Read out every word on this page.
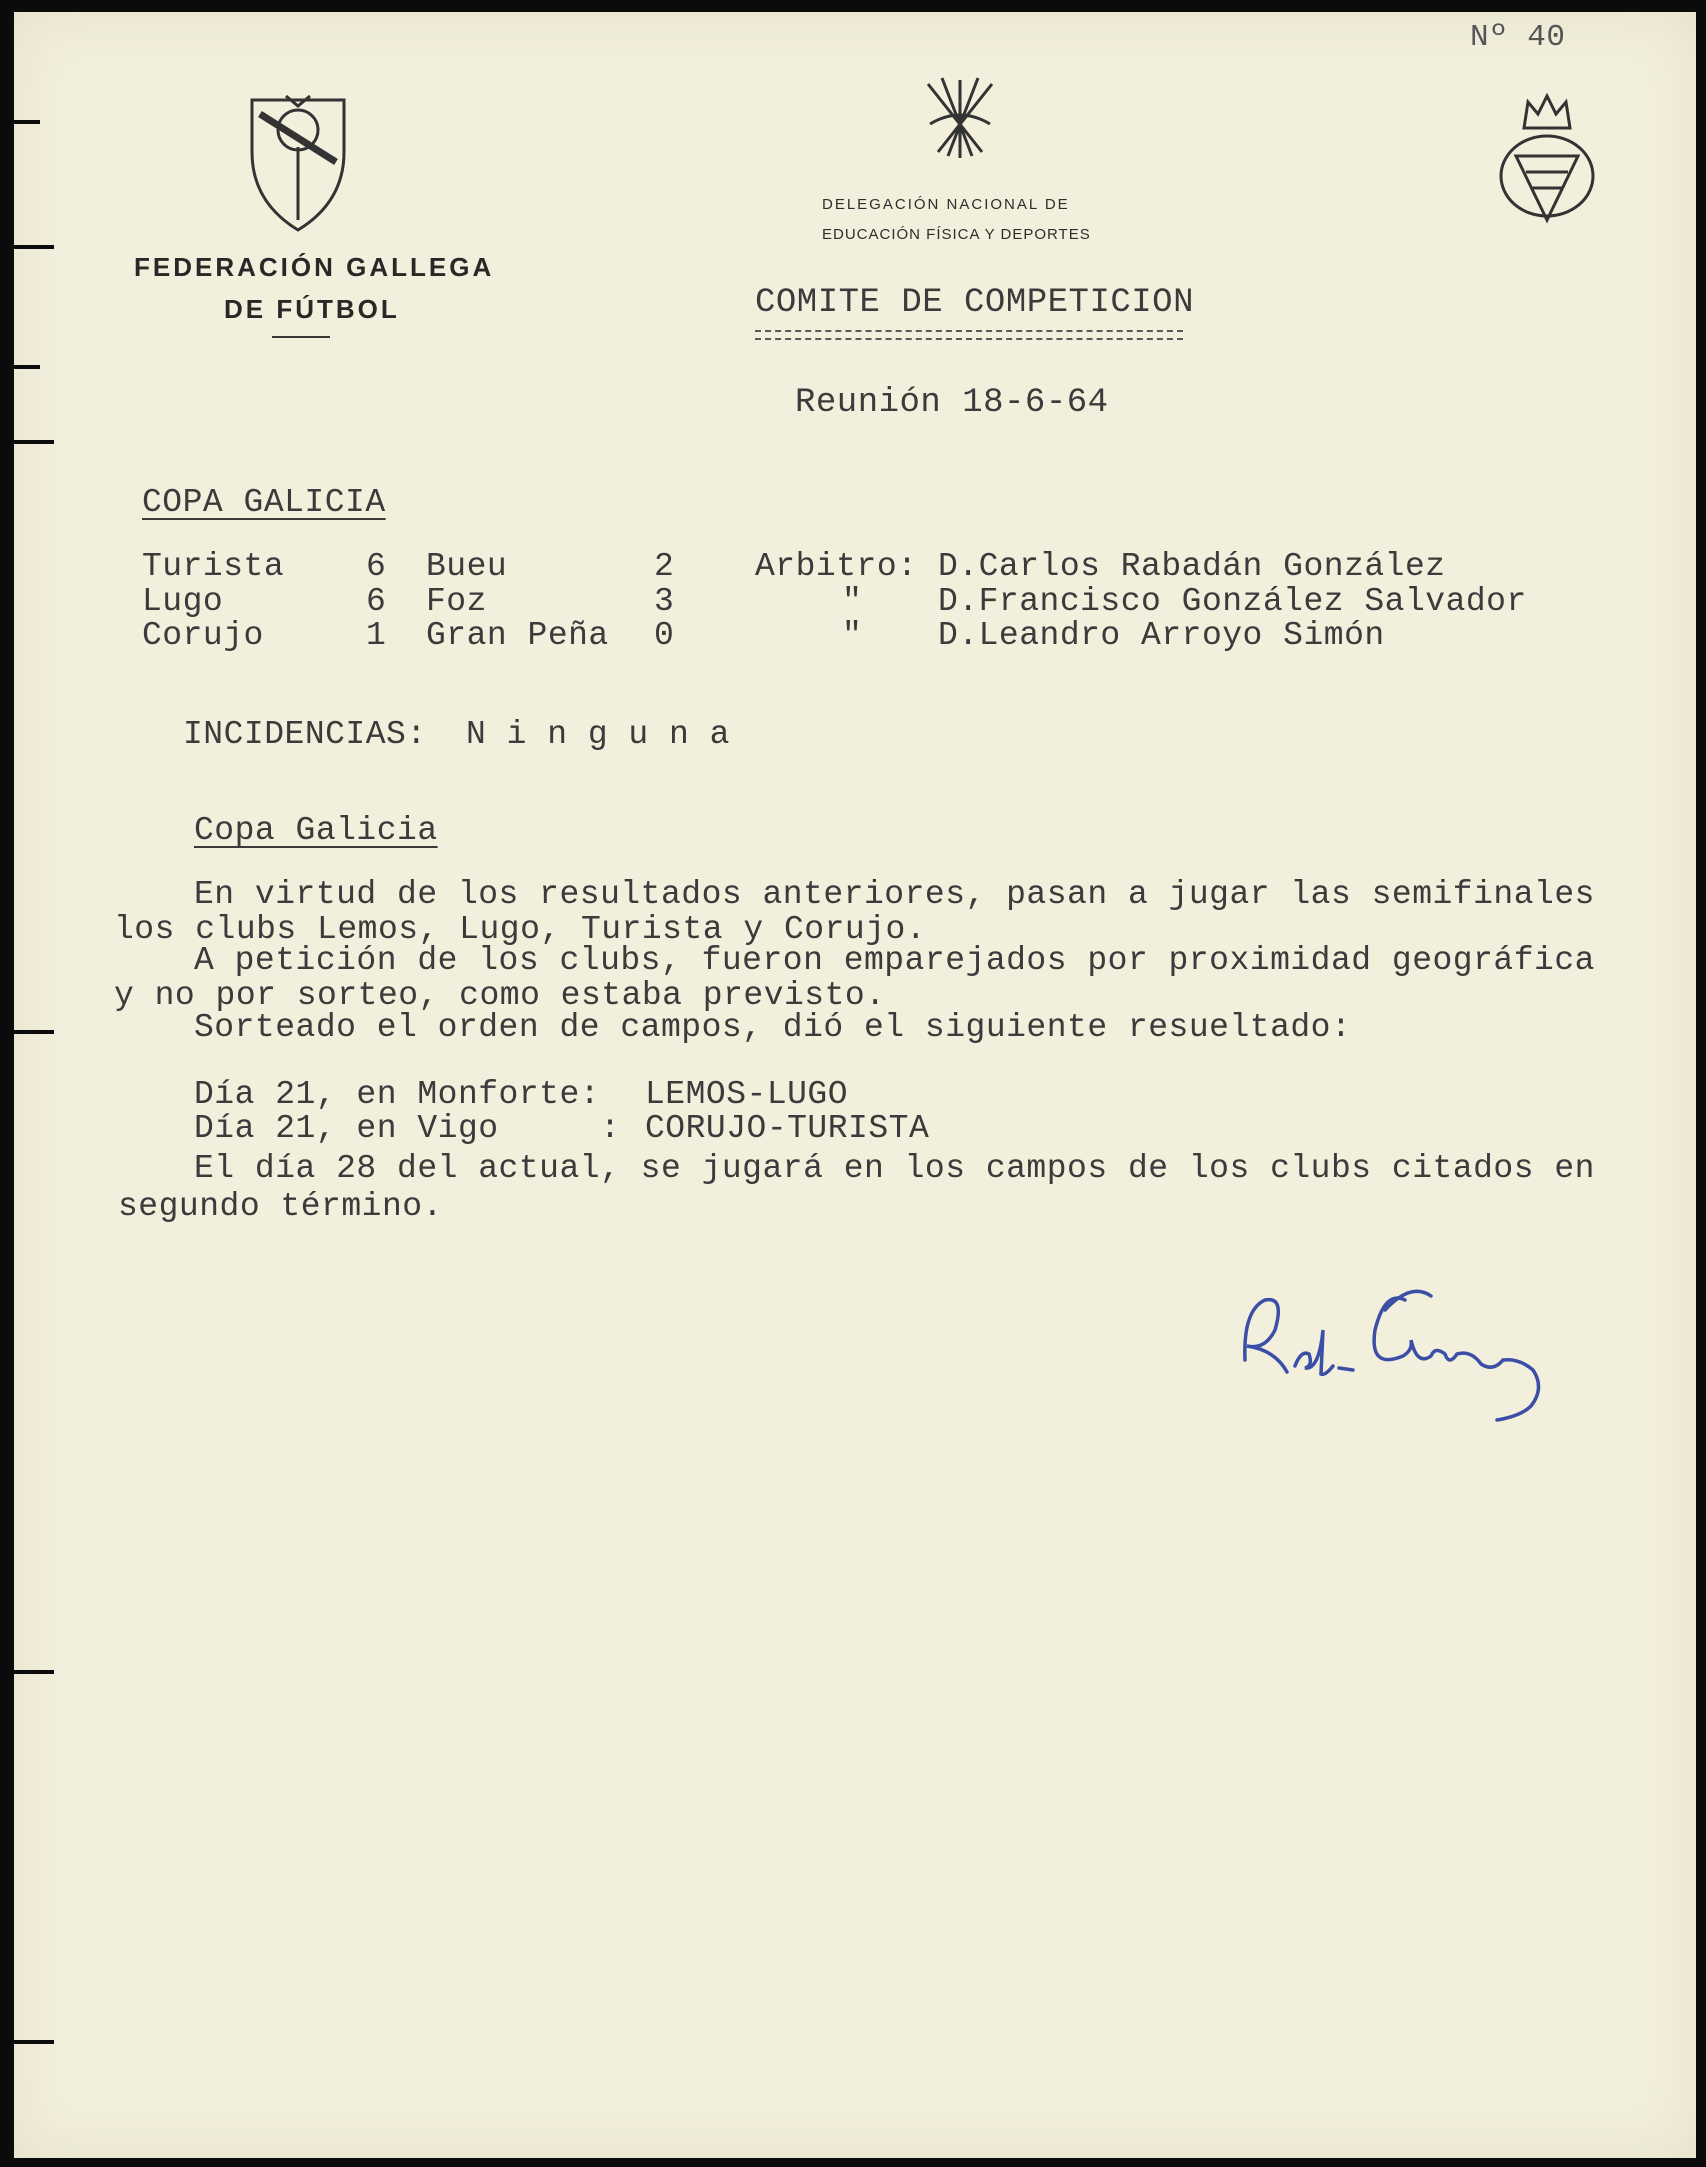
Nº 40
FEDERACIÓN GALLEGA
DE FÚTBOL
DELEGACIÓN NACIONAL DE
EDUCACIÓN FÍSICA Y DEPORTES
COMITE DE COMPETICION
Reunión 18-6-64
COPA GALICIA
Turista 6 Bueu	2 Arbitro: D.Carlos Rabadán González
Lugo	6 Foz	3	" D.Francisco González Salvador
Corujo	1 Gran Peña 0	" D.Leandro Arroyo Simón
INCIDENCIAS: N i n g u n a
Copa Galicia
En virtud de los resultados anteriores, pasan a jugar las semifinales
los clubs Lemos, Lugo, Turista y Corujo.
A petición de los clubs, fueron emparejados por proximidad geográfica
y no por sorteo, como estaba previsto.
Sorteado el orden de campos, dió el siguiente resueltado:
Día 21, en Monforte: LEMOS-LUGO
Día 21, en Vigo     : CORUJO-TURISTA
El día 28 del actual, se jugará en los campos de los clubs citados en
segundo término.
